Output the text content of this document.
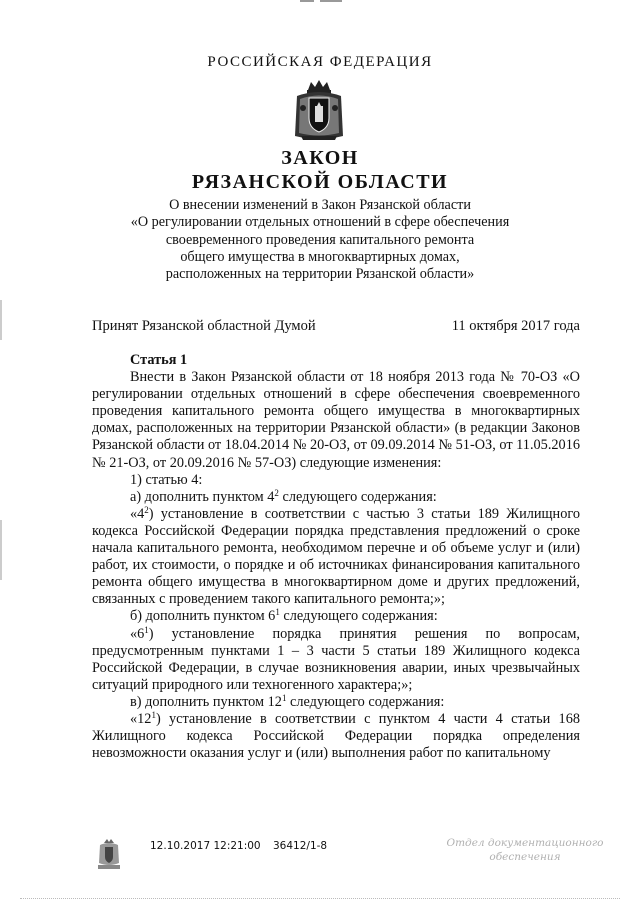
РОССИЙСКАЯ ФЕДЕРАЦИЯ
ЗАКОН
РЯЗАНСКОЙ ОБЛАСТИ
О внесении изменений в Закон Рязанской области
«О регулировании отдельных отношений в сфере обеспечения
своевременного проведения капитального ремонта
общего имущества в многоквартирных домах,
расположенных на территории Рязанской области»
Принят Рязанской областной Думой	11 октября 2017 года

Статья 1

Внести в Закон Рязанской области от 18 ноября 2013 года № 70-ОЗ «О регулировании отдельных отношений в сфере обеспечения своевременного проведения капитального ремонта общего имущества в многоквартирных домах, расположенных на территории Рязанской области» (в редакции Законов Рязанской области от 18.04.2014 № 20-ОЗ, от 09.09.2014 № 51-ОЗ, от 11.05.2016 № 21-ОЗ, от 20.09.2016 № 57-ОЗ) следующие изменения:

1) статью 4:

а) дополнить пунктом $4^2$ следующего содержания:

«$4^2$) установление в соответствии с частью 3 статьи 189 Жилищного кодекса Российской Федерации порядка представления предложений о сроке начала капитального ремонта, необходимом перечне и об объеме услуг и (или) работ, их стоимости, о порядке и об источниках финансирования капитального ремонта общего имущества в многоквартирном доме и других предложений, связанных с проведением такого капитального ремонта;»;

б) дополнить пунктом $6^1$ следующего содержания:

«$6^1$) установление порядка принятия решения по вопросам, предусмотренным пунктами 1 – 3 части 5 статьи 189 Жилищного кодекса Российской Федерации, в случае возникновения аварии, иных чрезвычайных ситуаций природного или техногенного характера;»;

в) дополнить пунктом $12^1$ следующего содержания:

«$12^1$) установление в соответствии с пунктом 4 части 4 статьи 168 Жилищного кодекса Российской Федерации порядка определения невозможности оказания услуг и (или) выполнения работ по капитальному

12.10.2017 12:21:00 36412/1-8	Отдел документационного
обеспечения
